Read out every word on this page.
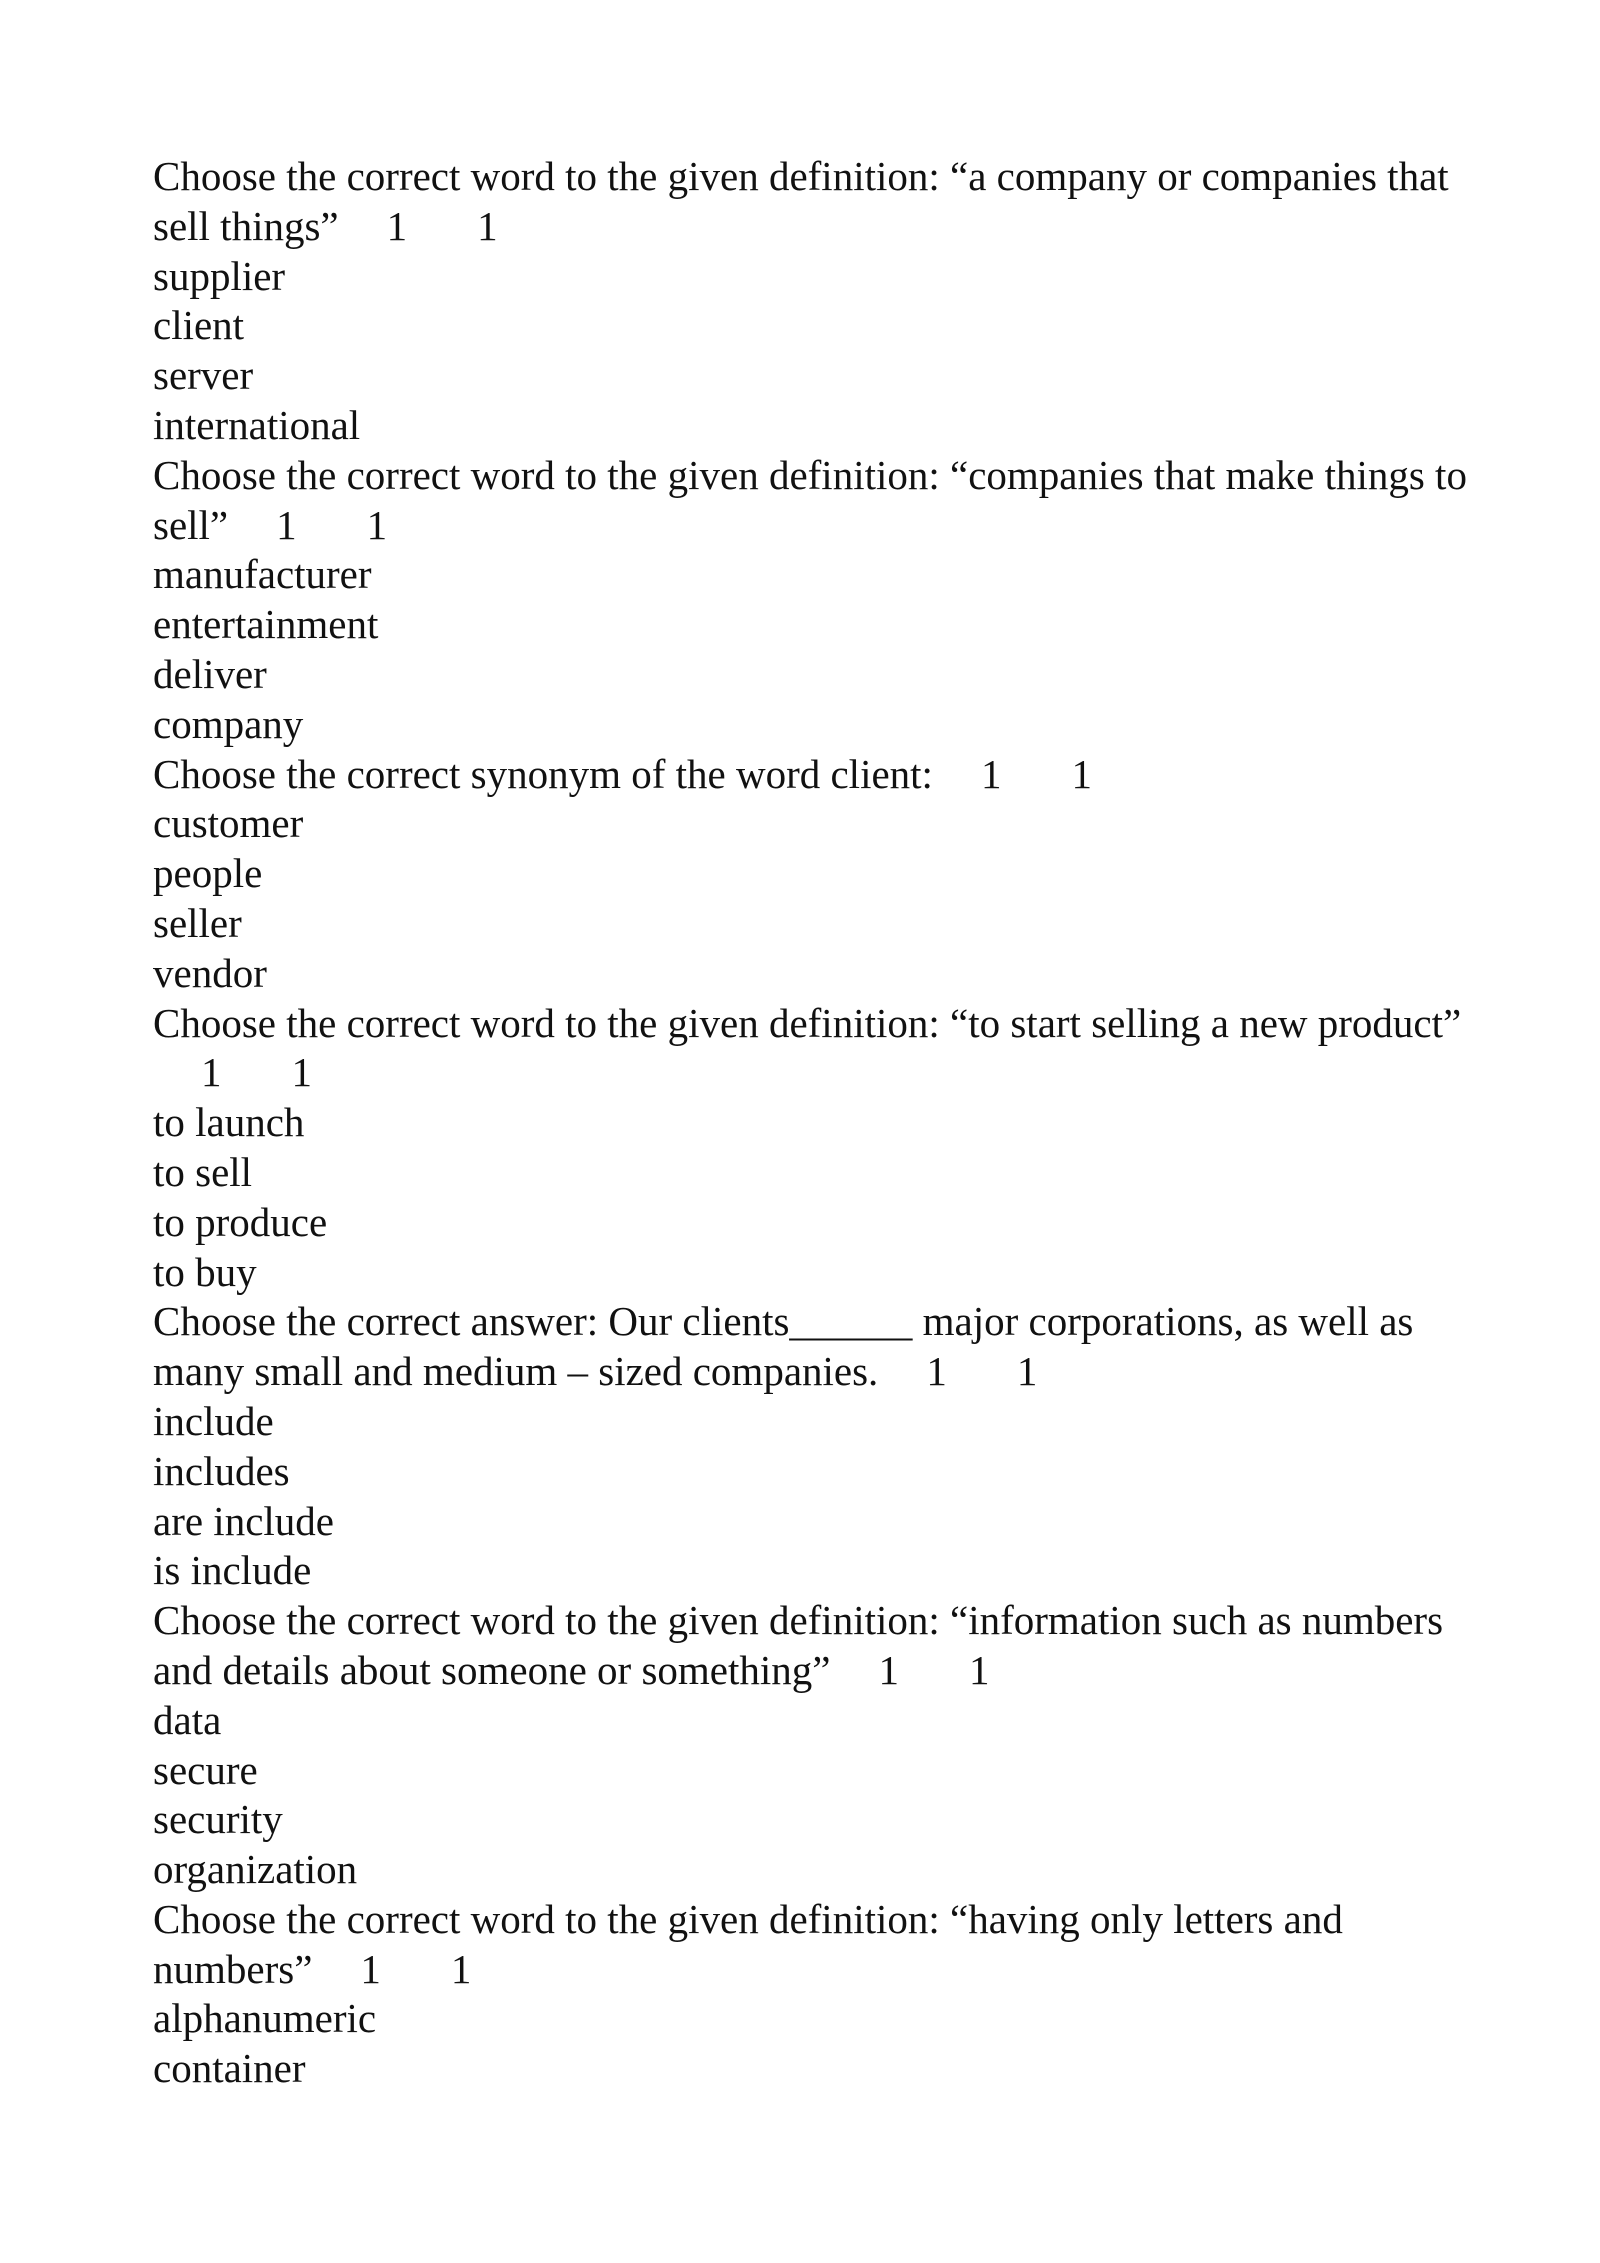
Choose the correct word to the given definition: “a company or companies that sell things” 1 1

supplier

client

server

international

Choose the correct word to the given definition: “companies that make things to sell” 1 1

manufacturer

entertainment

deliver

company

Choose the correct synonym of the word client: 1 1

customer

people

seller

vendor

Choose the correct word to the given definition: “to start selling a new product”1 1

to launch

to sell

to produce

to buy

Choose the correct answer: Our clients______ major corporations, as well as many small and medium – sized companies. 1 1

include

includes

are include

is include

Choose the correct word to the given definition: “information such as numbers and details about someone or something” 1 1

data

secure

security

organization

Choose the correct word to the given definition: “having only letters and numbers” 1 1

alphanumeric

container
